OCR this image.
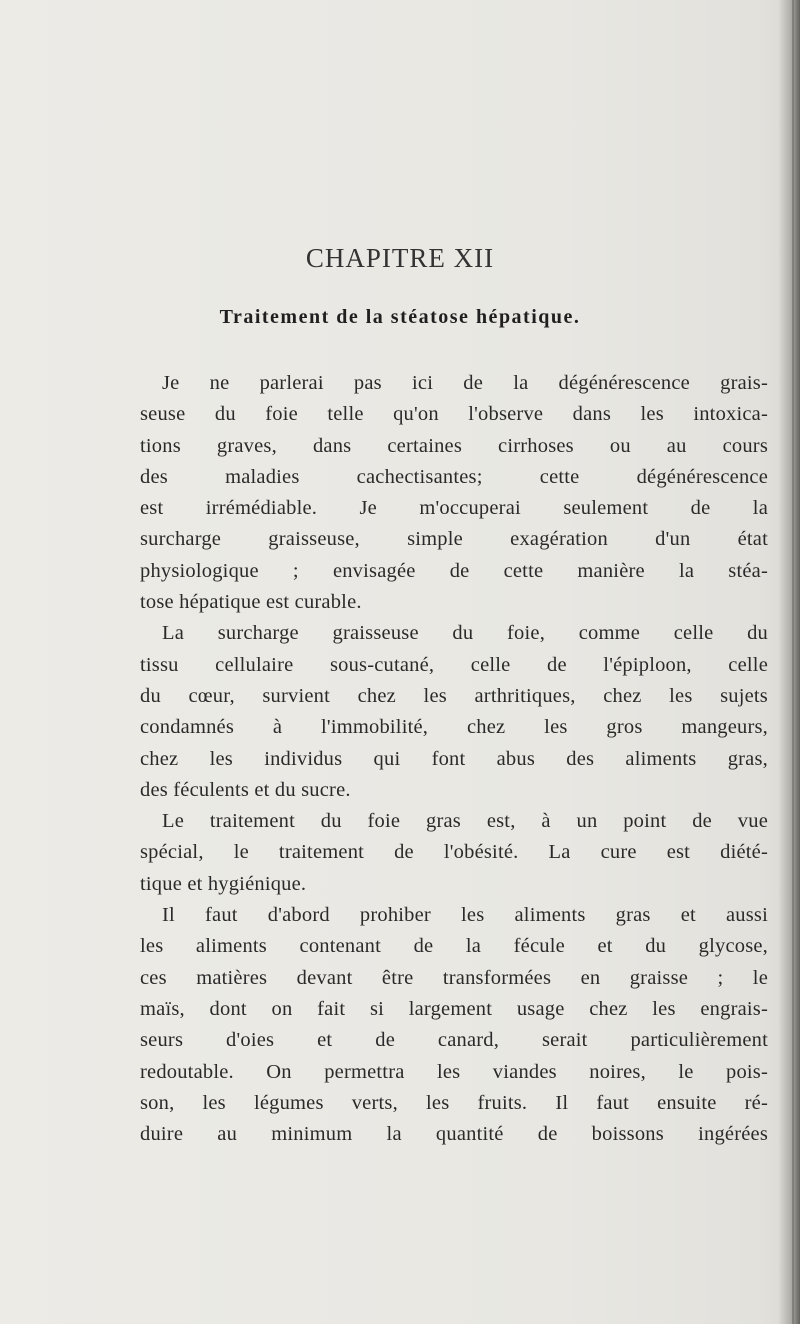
CHAPITRE XII
Traitement de la stéatose hépatique.
Je ne parlerai pas ici de la dégénérescence grais-
seuse du foie telle qu'on l'observe dans les intoxica-
tions graves, dans certaines cirrhoses ou au cours
des maladies cachectisantes; cette dégénérescence
est irrémédiable. Je m'occuperai seulement de la
surcharge graisseuse, simple exagération d'un état
physiologique ; envisagée de cette manière la stéa-
tose hépatique est curable.
La surcharge graisseuse du foie, comme celle du
tissu cellulaire sous-cutané, celle de l'épiploon, celle
du cœur, survient chez les arthritiques, chez les sujets
condamnés à l'immobilité, chez les gros mangeurs,
chez les individus qui font abus des aliments gras,
des féculents et du sucre.
Le traitement du foie gras est, à un point de vue
spécial, le traitement de l'obésité. La cure est diété-
tique et hygiénique.
Il faut d'abord prohiber les aliments gras et aussi
les aliments contenant de la fécule et du glycose,
ces matières devant être transformées en graisse ; le
maïs, dont on fait si largement usage chez les engrais-
seurs d'oies et de canard, serait particulièrement
redoutable. On permettra les viandes noires, le pois-
son, les légumes verts, les fruits. Il faut ensuite ré-
duire au minimum la quantité de boissons ingérées
